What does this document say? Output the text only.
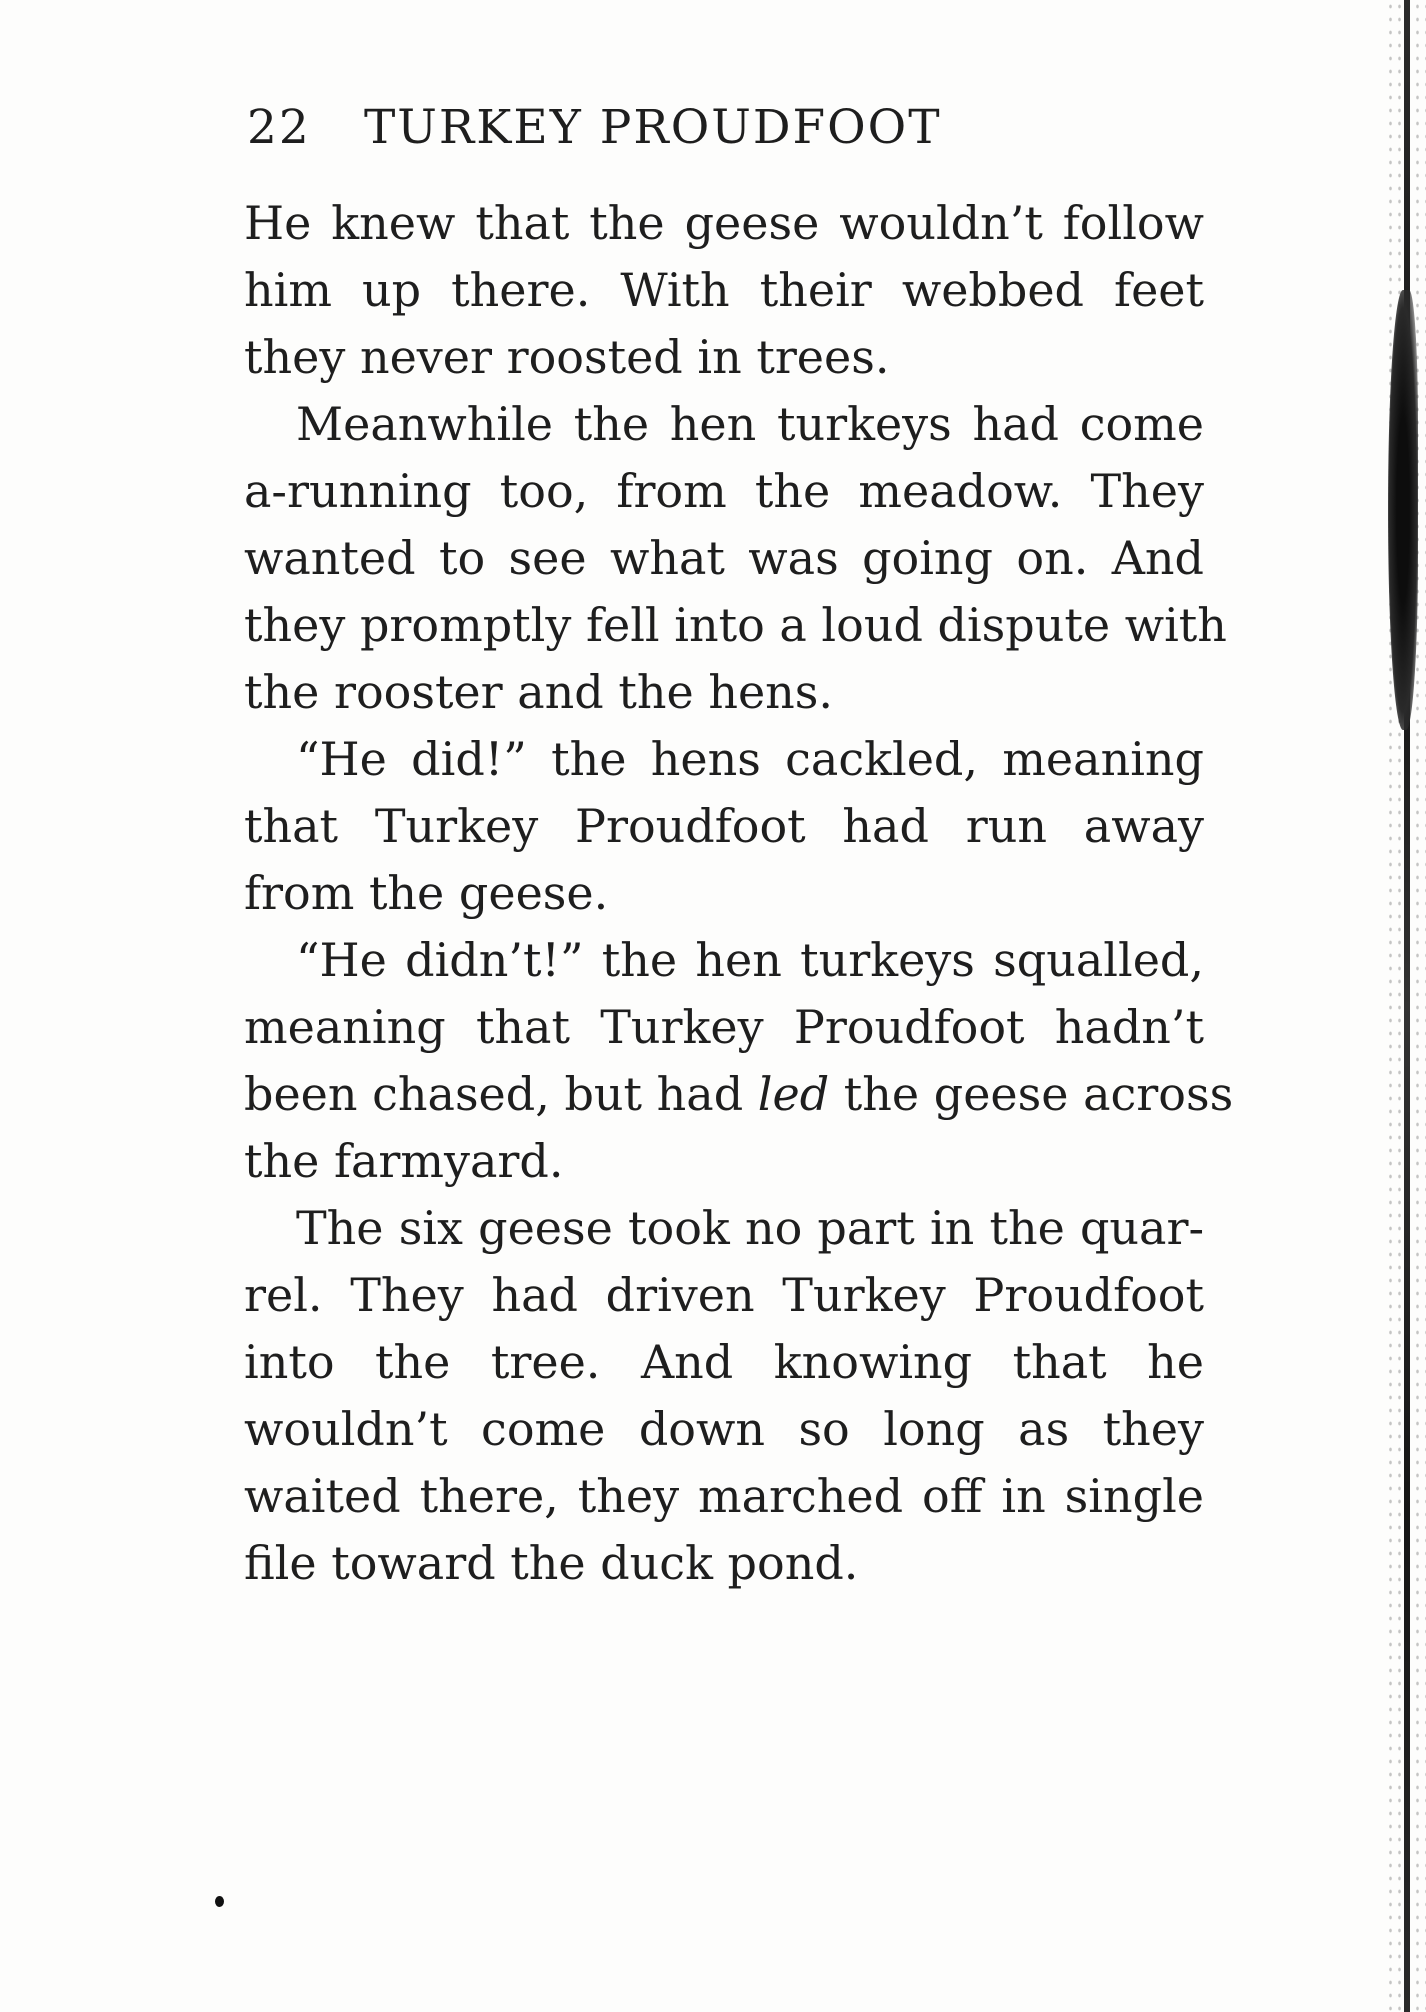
22 TURKEY PROUDFOOT
He knew that the geese wouldn’t follow
him up there. With their webbed feet
they never roosted in trees.
Meanwhile the hen turkeys had come
a-running too, from the meadow. They
wanted to see what was going on. And
they promptly fell into a loud dispute with
the rooster and the hens.
“He did!” the hens cackled, meaning
that Turkey Proudfoot had run away
from the geese.
“He didn’t!” the hen turkeys squalled,
meaning that Turkey Proudfoot hadn’t
been chased, but had led the geese across
the farmyard.
The six geese took no part in the quar-
rel. They had driven Turkey Proudfoot
into the tree. And knowing that he
wouldn’t come down so long as they
waited there, they marched off in single
file toward the duck pond.
